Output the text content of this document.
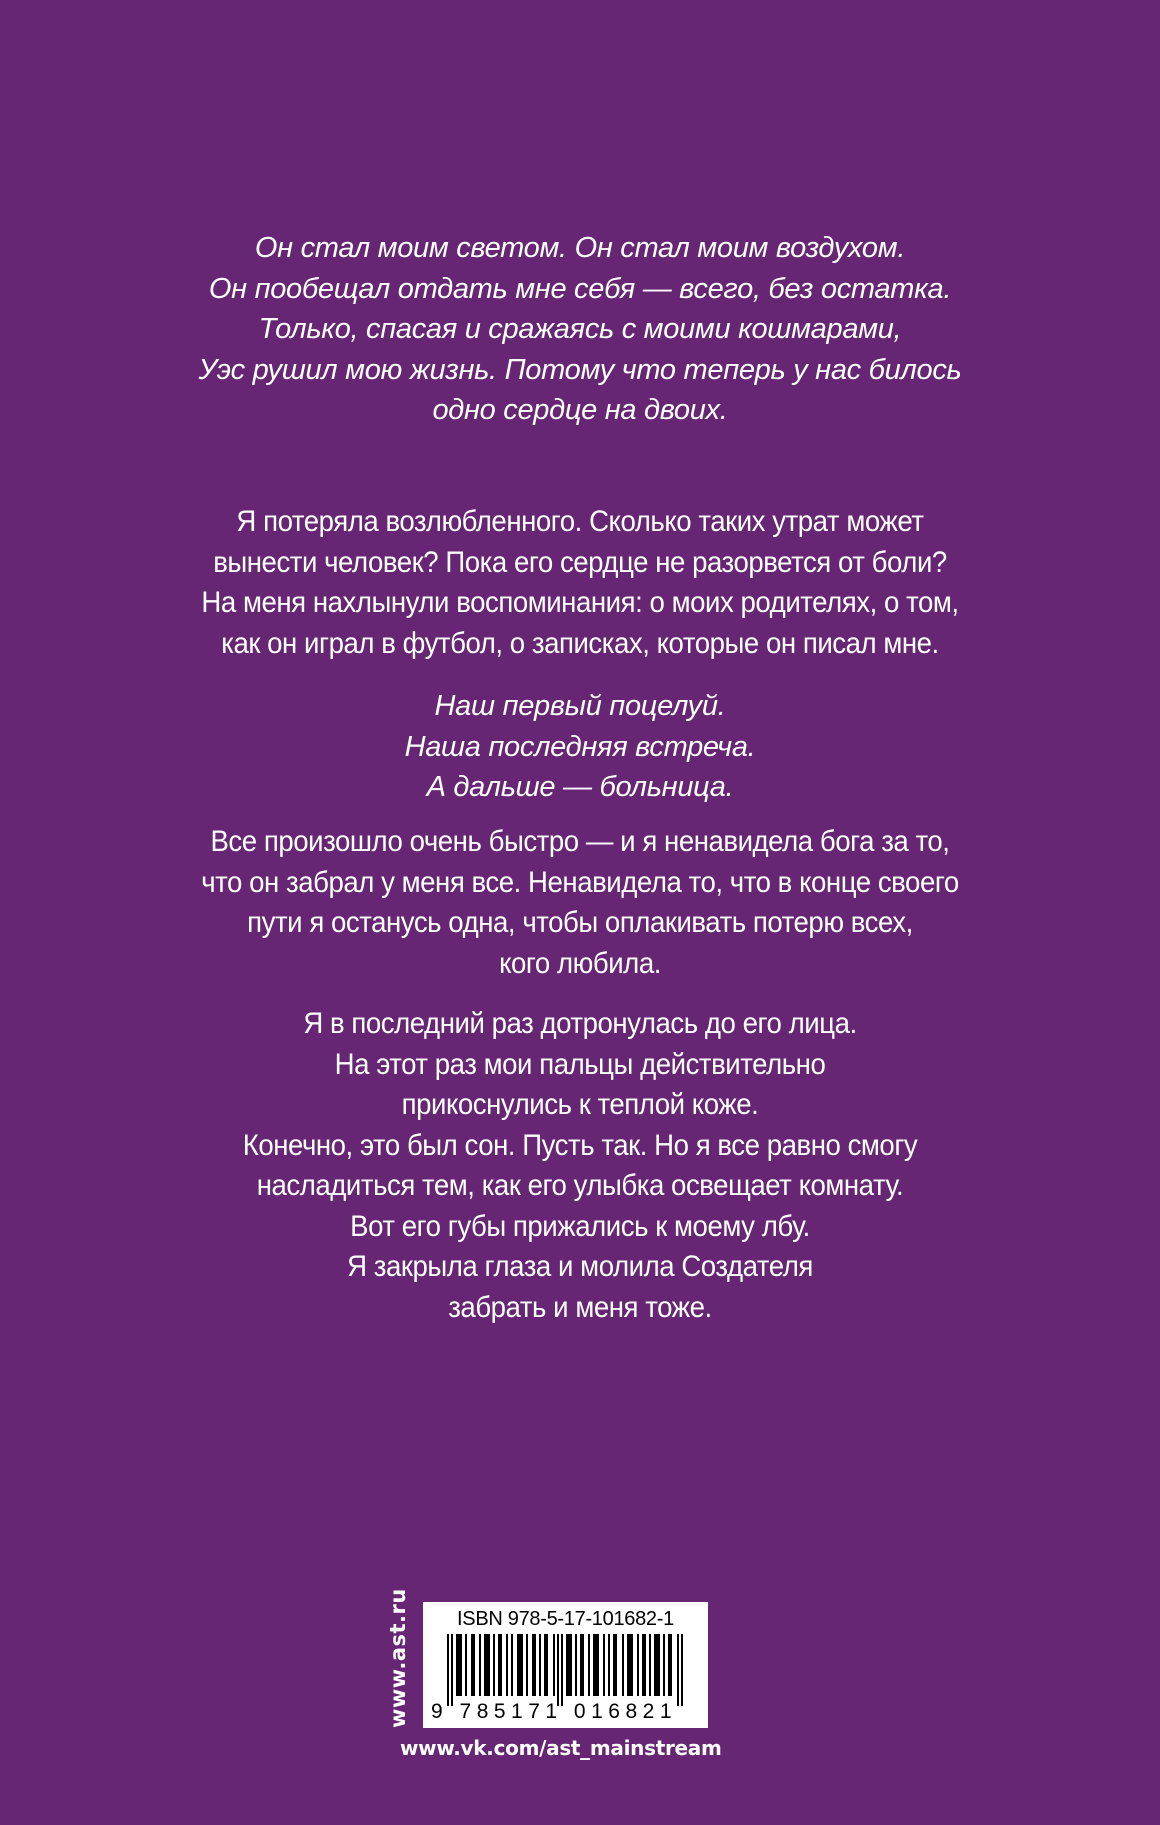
Он стал моим светом. Он стал моим воздухом.
Он пообещал отдать мне себя — всего, без остатка.
Только, спасая и сражаясь с моими кошмарами,
Уэс рушил мою жизнь. Потому что теперь у нас билось
одно сердце на двоих.
Я потеряла возлюбленного. Сколько таких утрат может
вынести человек? Пока его сердце не разорвется от боли?
На меня нахлынули воспоминания: о моих родителях, о том,
как он играл в футбол, о записках, которые он писал мне.
Наш первый поцелуй.
Наша последняя встреча.
А дальше — больница.
Все произошло очень быстро — и я ненавидела бога за то,
что он забрал у меня все. Ненавидела то, что в конце своего
пути я останусь одна, чтобы оплакивать потерю всех,
кого любила.
Я в последний раз дотронулась до его лица.
На этот раз мои пальцы действительно
прикоснулись к теплой коже.
Конечно, это был сон. Пусть так. Но я все равно смогу
насладиться тем, как его улыбка освещает комнату.
Вот его губы прижались к моему лбу.
Я закрыла глаза и молила Создателя
забрать и меня тоже.
www.ast.ru	ISBN 978-5-17-101682-1
9 785171 016821
www.vk.com/ast_mainstream
